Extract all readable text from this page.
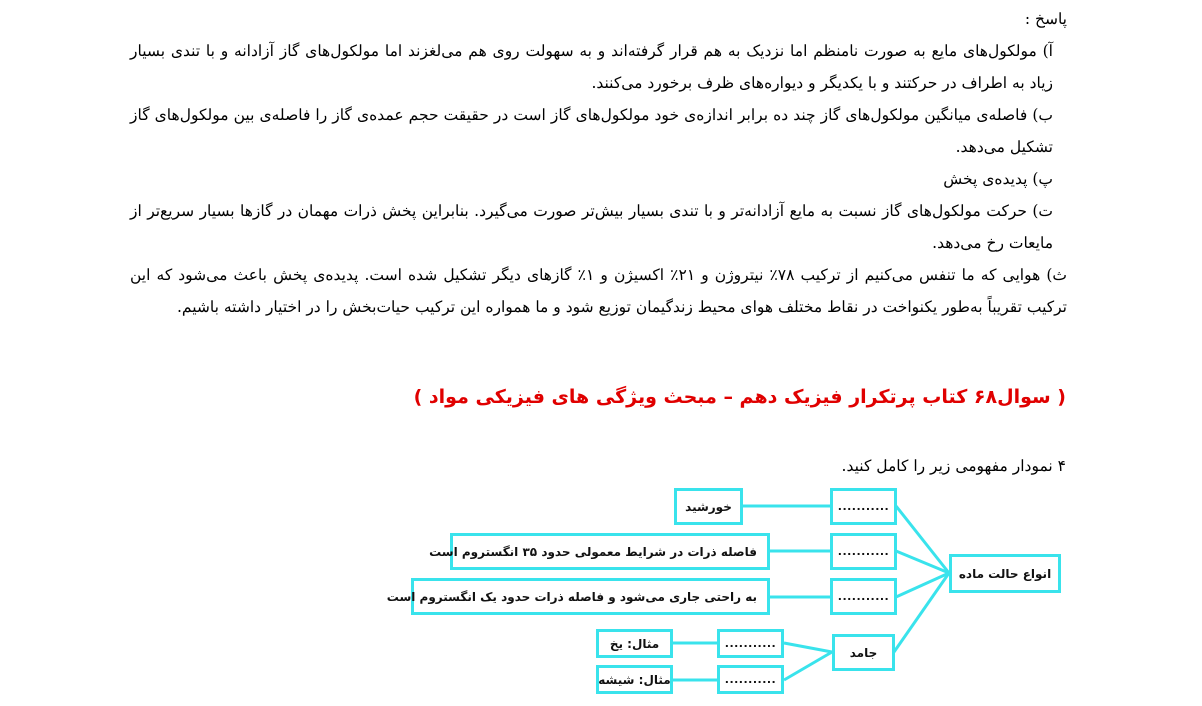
پاسخ :

آ) مولکول‌های مایع به صورت نامنظم اما نزدیک به هم قرار گرفته‌اند و به سهولت روی هم می‌لغزند اما مولکول‌های گاز آزادانه و با تندی بسیار زیاد به اطراف در حرکتند و با یکدیگر و دیواره‌های ظرف برخورد می‌کنند.

ب) فاصله‌ی میانگین مولکول‌های گاز چند ده برابر اندازه‌ی خود مولکول‌های گاز است در حقیقت حجم عمده‌ی گاز را فاصله‌ی بین مولکول‌های گاز تشکیل می‌دهد.

پ) پدیده‌ی پخش

ت) حرکت مولکول‌های گاز نسبت به مایع آزادانه‌تر و با تندی بسیار بیش‌تر صورت می‌گیرد. بنابراین پخش ذرات مهمان در گازها بسیار سریع‌تر از مایعات رخ می‌دهد.

ث) هوایی که ما تنفس می‌کنیم از ترکیب ۷۸٪ نیتروژن و ۲۱٪ اکسیژن و ۱٪ گازهای دیگر تشکیل شده است. پدیده‌ی پخش باعث می‌شود که این ترکیب تقریباً به‌طور یکنواخت در نقاط مختلف هوای محیط زندگیمان توزیع شود و ما همواره این ترکیب حیات‌بخش را در اختیار داشته باشیم.

( سوال۶۸ کتاب پرتکرار فیزیک دهم – مبحث ویژگی های فیزیکی مواد )
۴ نمودار مفهومی زیر را کامل کنید.
انواع حالت ماده
...........
...........
...........
جامد
خورشید
فاصله ذرات در شرایط معمولی حدود ۳۵ انگستروم است
به راحتی جاری می‌شود و فاصله ذرات حدود یک انگستروم است
...........
...........
مثال: یخ
مثال: شیشه
